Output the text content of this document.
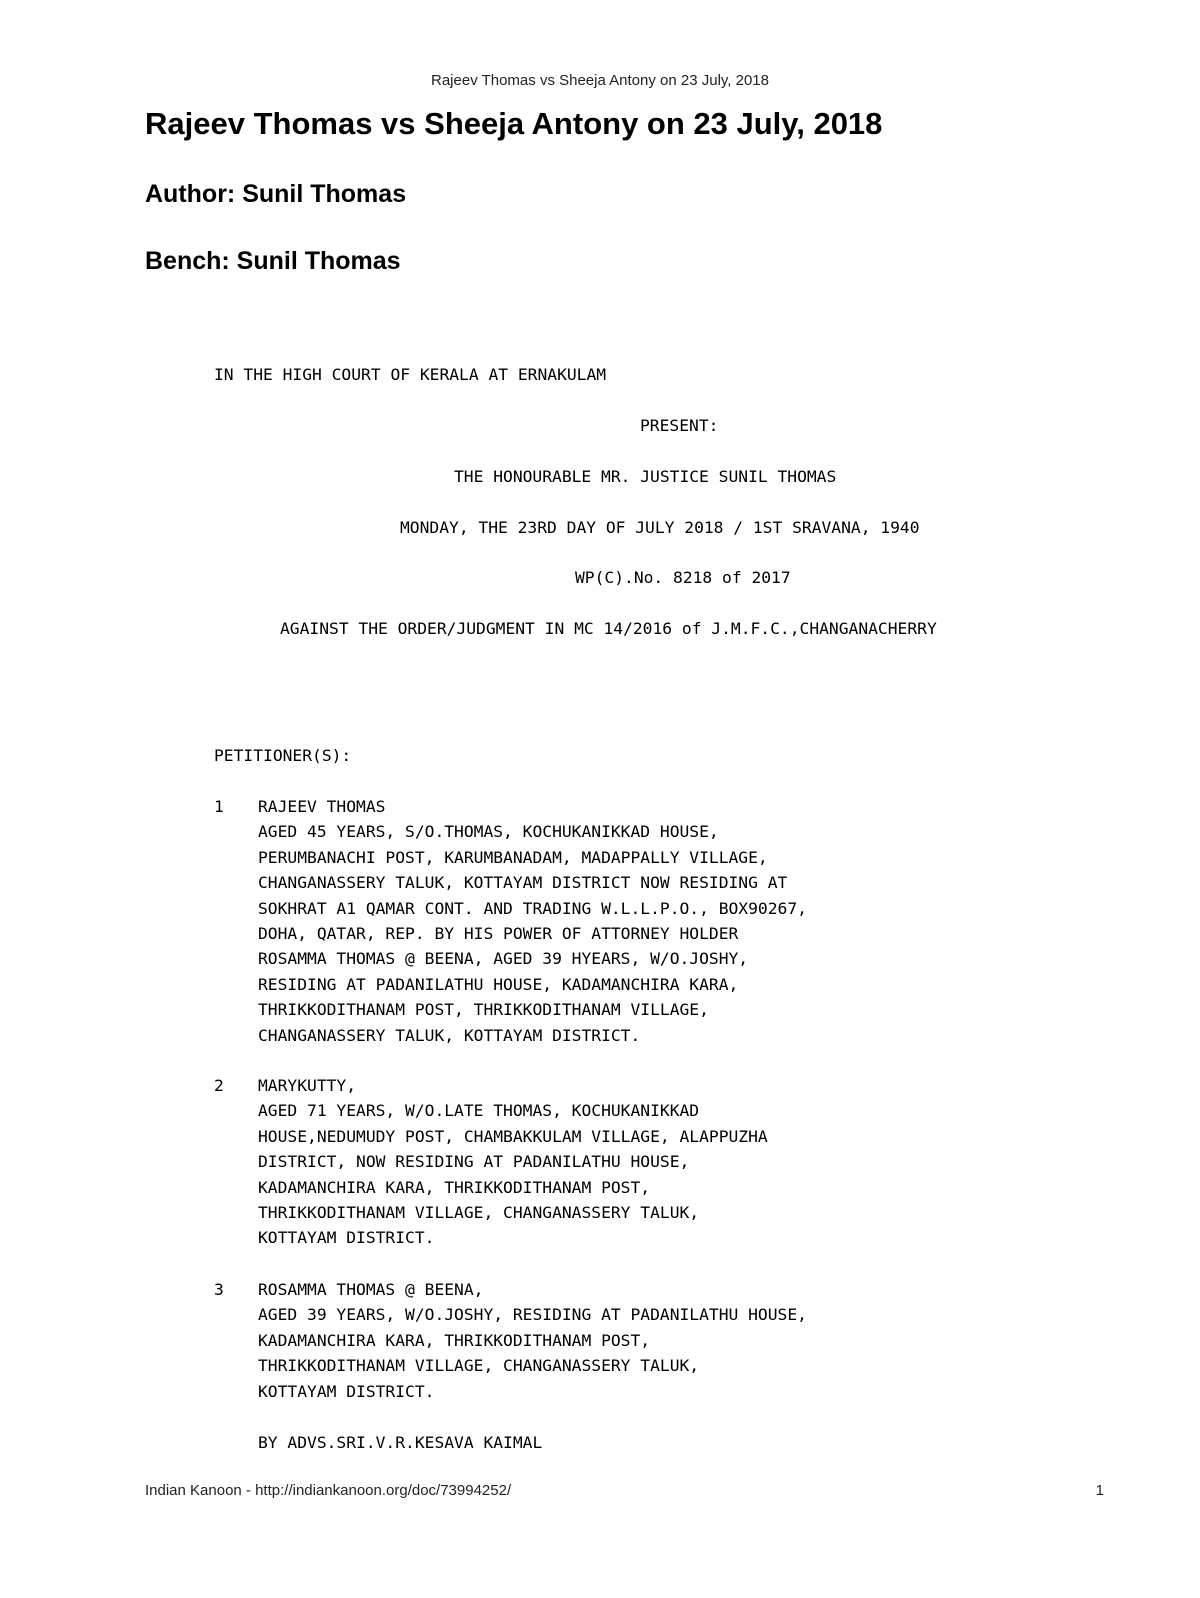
Rajeev Thomas vs Sheeja Antony on 23 July, 2018
Rajeev Thomas vs Sheeja Antony on 23 July, 2018
Author: Sunil Thomas
Bench: Sunil Thomas
IN THE HIGH COURT OF KERALA AT ERNAKULAM
PRESENT:
THE HONOURABLE MR. JUSTICE SUNIL THOMAS
MONDAY, THE 23RD DAY OF JULY 2018 / 1ST SRAVANA, 1940
WP(C).No. 8218 of 2017
AGAINST THE ORDER/JUDGMENT IN MC 14/2016 of J.M.F.C.,CHANGANACHERRY
PETITIONER(S):
1 RAJEEV THOMAS
AGED 45 YEARS, S/O.THOMAS, KOCHUKANIKKAD HOUSE,
PERUMBANACHI POST, KARUMBANADAM, MADAPPALLY VILLAGE,
CHANGANASSERY TALUK, KOTTAYAM DISTRICT NOW RESIDING AT
SOKHRAT A1 QAMAR CONT. AND TRADING W.L.L.P.O., BOX90267,
DOHA, QATAR, REP. BY HIS POWER OF ATTORNEY HOLDER
ROSAMMA THOMAS @ BEENA, AGED 39 HYEARS, W/O.JOSHY,
RESIDING AT PADANILATHU HOUSE, KADAMANCHIRA KARA,
THRIKKODITHANAM POST, THRIKKODITHANAM VILLAGE,
CHANGANASSERY TALUK, KOTTAYAM DISTRICT.
2 MARYKUTTY,
AGED 71 YEARS, W/O.LATE THOMAS, KOCHUKANIKKAD
HOUSE,NEDUMUDY POST, CHAMBAKKULAM VILLAGE, ALAPPUZHA
DISTRICT, NOW RESIDING AT PADANILATHU HOUSE,
KADAMANCHIRA KARA, THRIKKODITHANAM POST,
THRIKKODITHANAM VILLAGE, CHANGANASSERY TALUK,
KOTTAYAM DISTRICT.
3 ROSAMMA THOMAS @ BEENA,
AGED 39 YEARS, W/O.JOSHY, RESIDING AT PADANILATHU HOUSE,
KADAMANCHIRA KARA, THRIKKODITHANAM POST,
THRIKKODITHANAM VILLAGE, CHANGANASSERY TALUK,
KOTTAYAM DISTRICT.
BY ADVS.SRI.V.R.KESAVA KAIMAL
Indian Kanoon - http://indiankanoon.org/doc/73994252/	1
